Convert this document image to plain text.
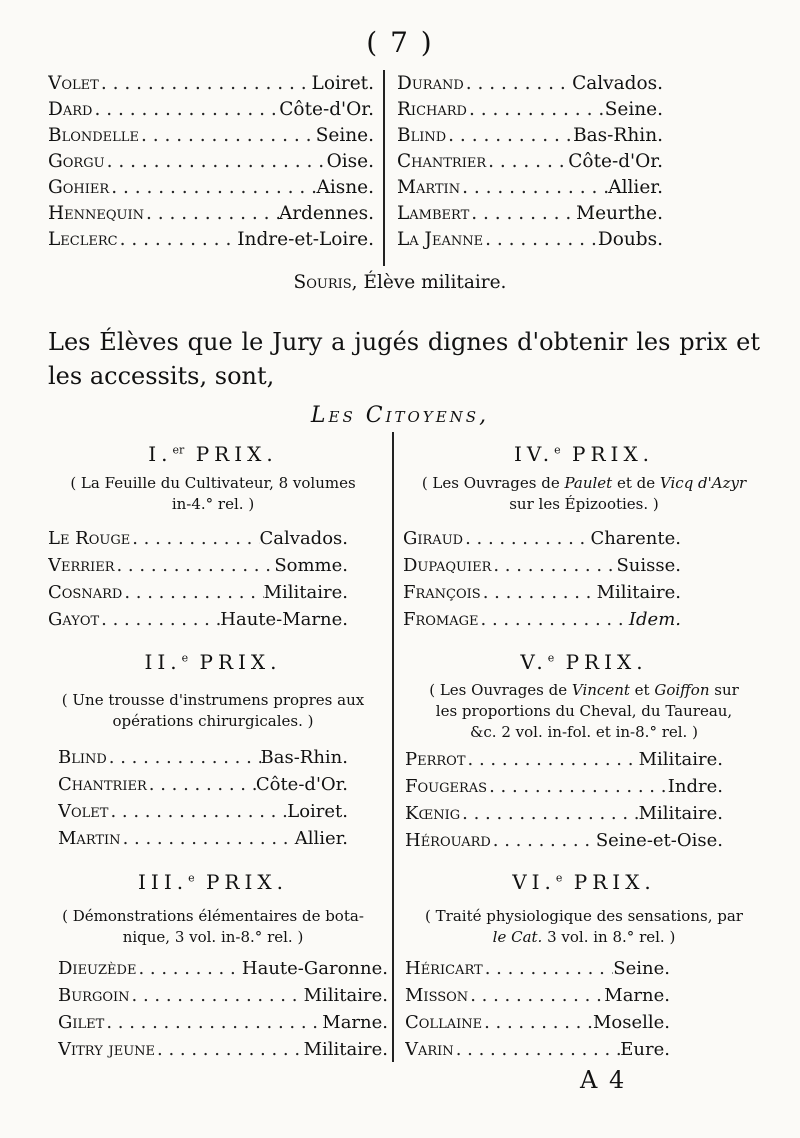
( 7 )
Volet . . .	Loiret.
Dard . . .	Côte-d'Or.
Blondelle . . .	Seine.
Gorgu . . .	Oise.
Gohier . . .	Aisne.
Hennequin . . .	Ardennes.
Leclerc . . .	Indre-et-Loire.
Durand . . .	Calvados.
Richard . . .	Seine.
Blind . . .	Bas-Rhin.
Chantrier . . .	Côte-d'Or.
Martin . . .	Allier.
Lambert . . .	Meurthe.
La Jeanne . . .	Doubs.
Souris, Élève militaire.
Les Élèves que le Jury a jugés dignes d'obtenir les prix et les accessits, sont,
Les Citoyens,
I.$^{er}$ PRIX.
( La Feuille du Cultivateur, 8 volumes
in-4.° rel. )
Le Rouge . . .	Calvados.
Verrier . . .	Somme.
Cosnard . . .	Militaire.
Gayot . . .	Haute-Marne.
II.$^e$ PRIX.
( Une trousse d'instrumens propres aux
opérations chirurgicales. )
Blind . . .	Bas-Rhin.
Chantrier . . .	Côte-d'Or.
Volet . . .	Loiret.
Martin . . .	Allier.
III.$^e$ PRIX.
( Démonstrations élémentaires de bota-
nique, 3 vol. in-8.° rel. )
Dieuzède . . .	Haute-Garonne.
Burgoin . . .	Militaire.
Gilet . . .	Marne.
Vitry jeune . . .	Militaire.
IV.$^e$ PRIX.
( Les Ouvrages de Paulet et de Vicq d'Azyr
sur les Épizooties. )
Giraud . . .	Charente.
Dupaquier . . .	Suisse.
François . . .	Militaire.
Fromage . . .	Idem.
V.$^e$ PRIX.
( Les Ouvrages de Vincent et Goiffon sur
les proportions du Cheval, du Taureau,
&c. 2 vol. in-fol. et in-8.° rel. )
Perrot . . .	Militaire.
Fougeras . . .	Indre.
Kœnig . . .	Militaire.
Hérouard . . .	Seine-et-Oise.
VI.$^e$ PRIX.
( Traité physiologique des sensations, par
le Cat. 3 vol. in 8.° rel. )
Héricart . . .	Seine.
Misson . . .	Marne.
Collaine . . .	Moselle.
Varin . . .	Eure.
A 4
